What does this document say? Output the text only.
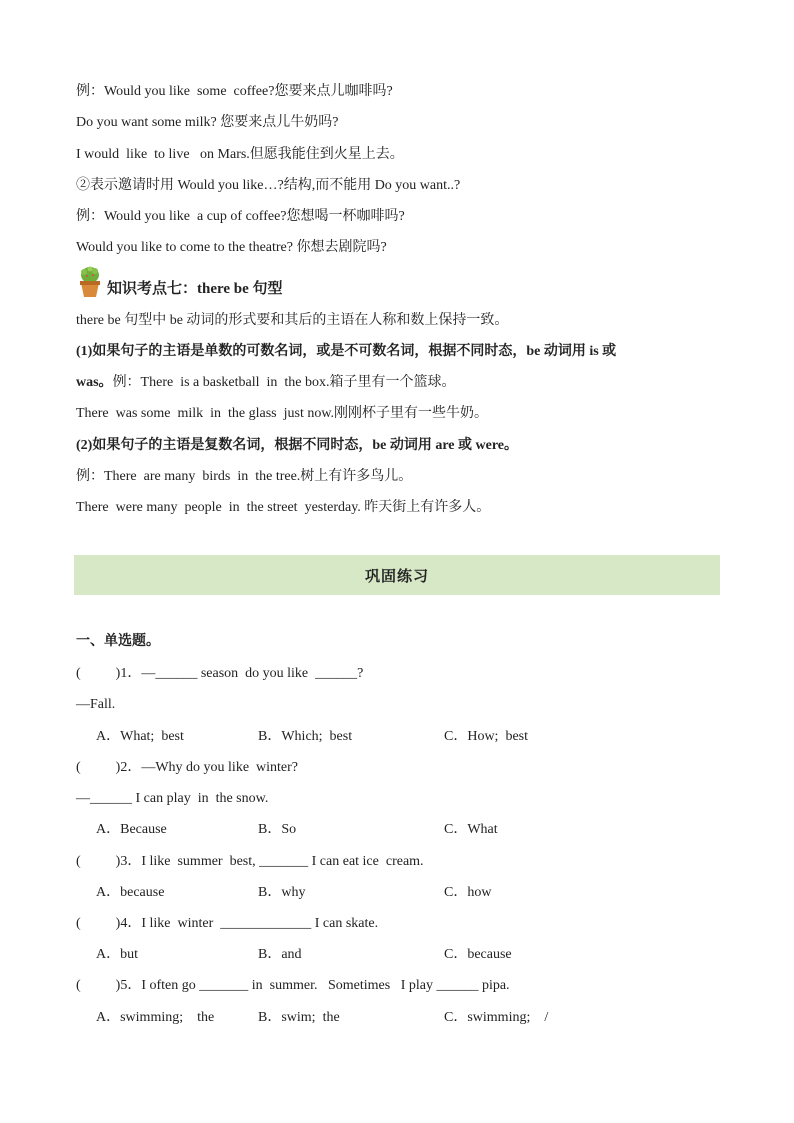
例：Would you like  some  coffee?您要来点儿咖啡吗?
Do you want some milk? 您要来点儿牛奶吗?
I would  like  to live   on Mars.但愿我能住到火星上去。
②表示邀请时用 Would you like…?结构,而不能用 Do you want..?
例：Would you like  a cup of coffee?您想喝一杯咖啡吗?
Would you like to come to the theatre? 你想去剧院吗?
知识考点七：there be 句型
there be 句型中 be 动词的形式要和其后的主语在人称和数上保持一致。
(1)如果句子的主语是单数的可数名词，或是不可数名词，根据不同时态，be 动词用 is 或
was。例：There  is a basketball  in  the box.箱子里有一个篮球。
There  was some  milk  in  the glass  just now.刚刚杯子里有一些牛奶。
(2)如果句子的主语是复数名词，根据不同时态，be 动词用 are 或 were。
例：There  are many  birds  in  the tree.树上有许多鸟儿。
There  were many  people  in  the street  yesterday. 昨天街上有许多人。
巩固练习
一、单选题。
(          )1．—______ season  do you like  ______?
—Fall.
A．What;  best	B．Which;  best	C．How;  best
(          )2．—Why do you like  winter?
—______ I can play  in  the snow.
A．Because	B．So	C．What
(          )3．I like  summer  best, _______ I can eat ice  cream.
A．because	B．why	C．how
(          )4．I like  winter  _____________ I can skate.
A．but	B．and	C．because
(          )5．I often go _______ in  summer.   Sometimes   I play ______ pipa.
A．swimming;    the	B．swim;  the	C．swimming;    /
